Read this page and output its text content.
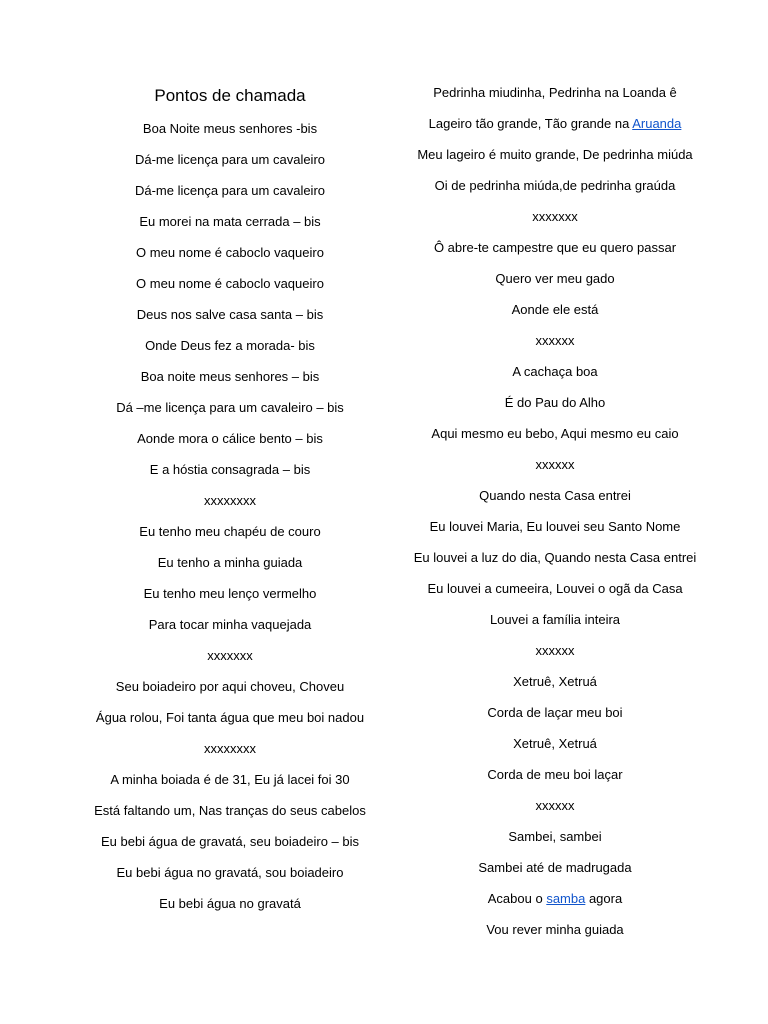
Pontos de chamada
Boa Noite meus senhores -bis
Dá-me licença para um cavaleiro
Dá-me licença para um cavaleiro
Eu morei na mata cerrada – bis
O meu nome é caboclo vaqueiro
O meu nome é caboclo vaqueiro
Deus nos salve casa santa – bis
Onde Deus fez a morada- bis
Boa noite meus senhores – bis
Dá –me licença para um cavaleiro – bis
Aonde mora o cálice bento – bis
E a hóstia consagrada – bis
xxxxxxxx
Eu tenho meu chapéu de couro
Eu tenho a minha guiada
Eu tenho meu lenço vermelho
Para tocar minha vaquejada
xxxxxxx
Seu boiadeiro por aqui choveu, Choveu
Água rolou, Foi tanta água que meu boi nadou
xxxxxxxx
A minha boiada é de 31, Eu já lacei foi 30
Está faltando um, Nas tranças do seus cabelos
Eu bebi água de gravatá, seu boiadeiro – bis
Eu bebi água no gravatá, sou boiadeiro
Eu bebi água no gravatá
Pedrinha miudinha, Pedrinha na Loanda ê
Lageiro tão grande, Tão grande na Aruanda
Meu lageiro é muito grande, De pedrinha miúda
Oi de pedrinha miúda,de pedrinha graúda
xxxxxxx
Ô abre-te campestre que eu quero passar
Quero ver meu gado
Aonde ele está
xxxxxx
A cachaça boa
É do Pau do Alho
Aqui mesmo eu bebo, Aqui mesmo eu caio
xxxxxx
Quando nesta Casa entrei
Eu louvei Maria, Eu louvei seu Santo Nome
Eu louvei a luz do dia, Quando nesta Casa entrei
Eu louvei a cumeeira, Louvei o ogã da Casa
Louvei a família inteira
xxxxxx
Xetruê, Xetruá
Corda de laçar meu boi
Xetruê, Xetruá
Corda de meu boi laçar
xxxxxx
Sambei, sambei
Sambei até de madrugada
Acabou o samba agora
Vou rever minha guiada
